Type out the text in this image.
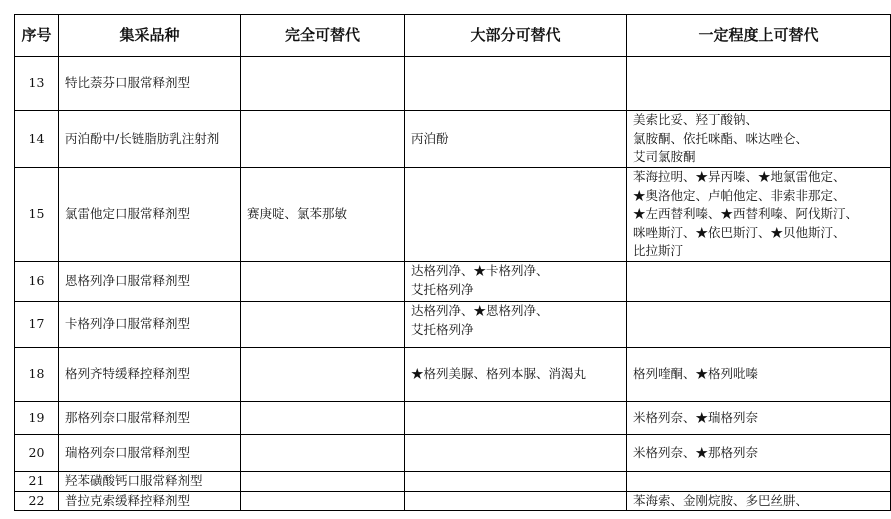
序号	集采品种	完全可替代	大部分可替代	一定程度上可替代
13	特比萘芬口服常释剂型			
14	丙泊酚中/长链脂肪乳注射剂		丙泊酚	美索比妥、羟丁酸钠、
氯胺酮、依托咪酯、咪达唑仑、
艾司氯胺酮

15	氯雷他定口服常释剂型	赛庚啶、氯苯那敏		苯海拉明、★异丙嗪、★地氯雷他定、
★奥洛他定、卢帕他定、非索非那定、
★左西替利嗪、★西替利嗪、阿伐斯汀、
咪唑斯汀、★依巴斯汀、★贝他斯汀、
比拉斯汀

16	恩格列净口服常释剂型		达格列净、★卡格列净、
艾托格列净	

17	卡格列净口服常释剂型		达格列净、★恩格列净、
艾托格列净	

18	格列齐特缓释控释剂型		★格列美脲、格列本脲、消渴丸	格列喹酮、★格列吡嗪

19	那格列奈口服常释剂型			米格列奈、★瑞格列奈

20	瑞格列奈口服常释剂型			米格列奈、★那格列奈

21	羟苯磺酸钙口服常释剂型			
22	普拉克索缓释控释剂型			苯海索、金刚烷胺、多巴丝肼、
